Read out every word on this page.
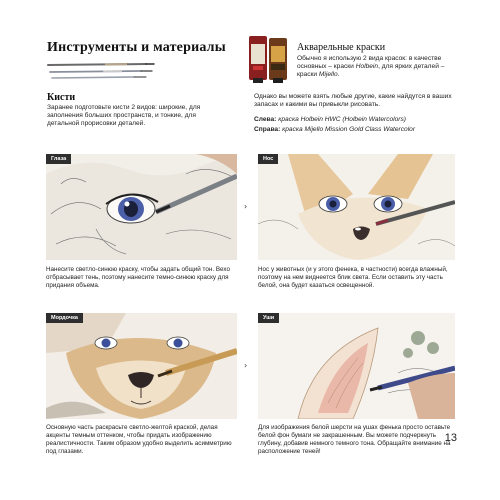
Инструменты и материалы
Кисти
Заранее подготовьте кисти 2 видов: широкие, для заполнения больших пространств, и тонкие, для детальной прорисовки деталей.
Акварельные краски
Обычно я использую 2 вида красок: в качестве основных – краски Holbein, для ярких деталей – краски Mijello.
Однако вы можете взять любые другие, какие найдутся в ваших запасах и какими вы привыкли рисовать.
Слева: краска Holbein HWC (Holbein Watercolors)
Справа: краска Mijello Mission Gold Class Watercolor
Глаза
›
Нос
Нанесите светло-синюю краску, чтобы задать общий тон. Вехо отбрасывает тень, поэтому нанесите темно-синюю краску для придания объема.
Нос у животных (и у этого фенека, в частности) всегда влажный, поэтому на нем виднеется блик света. Если оставить эту часть белой, она будет казаться освещенной.
Мордочка
›
Уши
Основную часть раскрасьте светло-желтой краской, делая акценты темным оттенком, чтобы придать изображению реалистичности. Таким образом удобно выделить асимметрию под глазами.
Для изображения белой шерсти на ушах фенька просто оставьте белой фон бумаги не закрашенным. Вы можете подчеркнуть глубину, добавив немного темного тона. Обращайте внимание на расположение теней!
13
